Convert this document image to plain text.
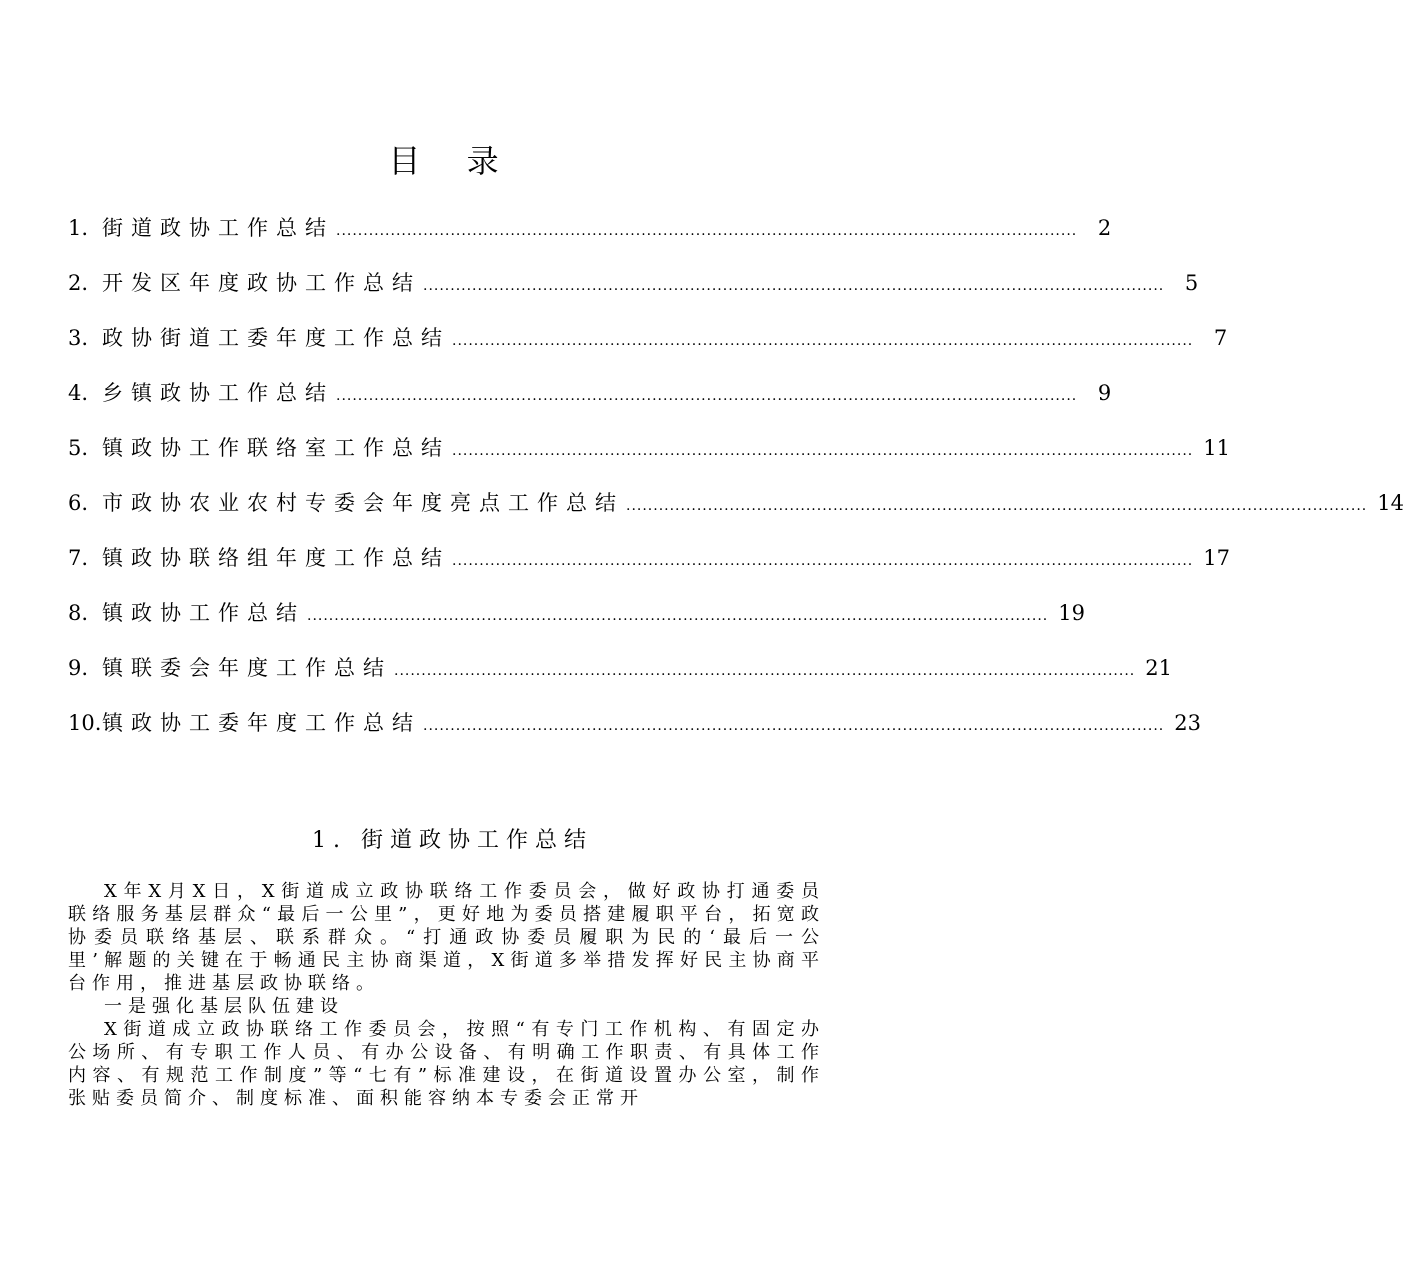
目 录
1. 街道政协工作总结 ........................................................................................................................................ 2
2. 开发区年度政协工作总结 ........................................................................................................................................ 5
3. 政协街道工委年度工作总结 ........................................................................................................................................ 7
4. 乡镇政协工作总结 ........................................................................................................................................ 9
5. 镇政协工作联络室工作总结 ........................................................................................................................................ 11
6. 市政协农业农村专委会年度亮点工作总结 ........................................................................................................................................ 14
7. 镇政协联络组年度工作总结 ........................................................................................................................................ 17
8. 镇政协工作总结 ........................................................................................................................................ 19
9. 镇联委会年度工作总结 ........................................................................................................................................ 21
10. 镇政协工委年度工作总结 ........................................................................................................................................ 23
1. 街道政协工作总结

X年X月X日，X街道成立政协联络工作委员会，做好政协打通委员联络服务基层群众“最后一公里”，更好地为委员搭建履职平台，拓宽政协委员联络基层、联系群众。“打通政协委员履职为民的‘最后一公里’解题的关键在于畅通民主协商渠道，X街道多举措发挥好民主协商平台作用，推进基层政协联络。

一是强化基层队伍建设

X街道成立政协联络工作委员会，按照“有专门工作机构、有固定办公场所、有专职工作人员、有办公设备、有明确工作职责、有具体工作内容、有规范工作制度”等“七有”标准建设，在街道设置办公室，制作张贴委员简介、制度标准、面积能容纳本专委会正常开
